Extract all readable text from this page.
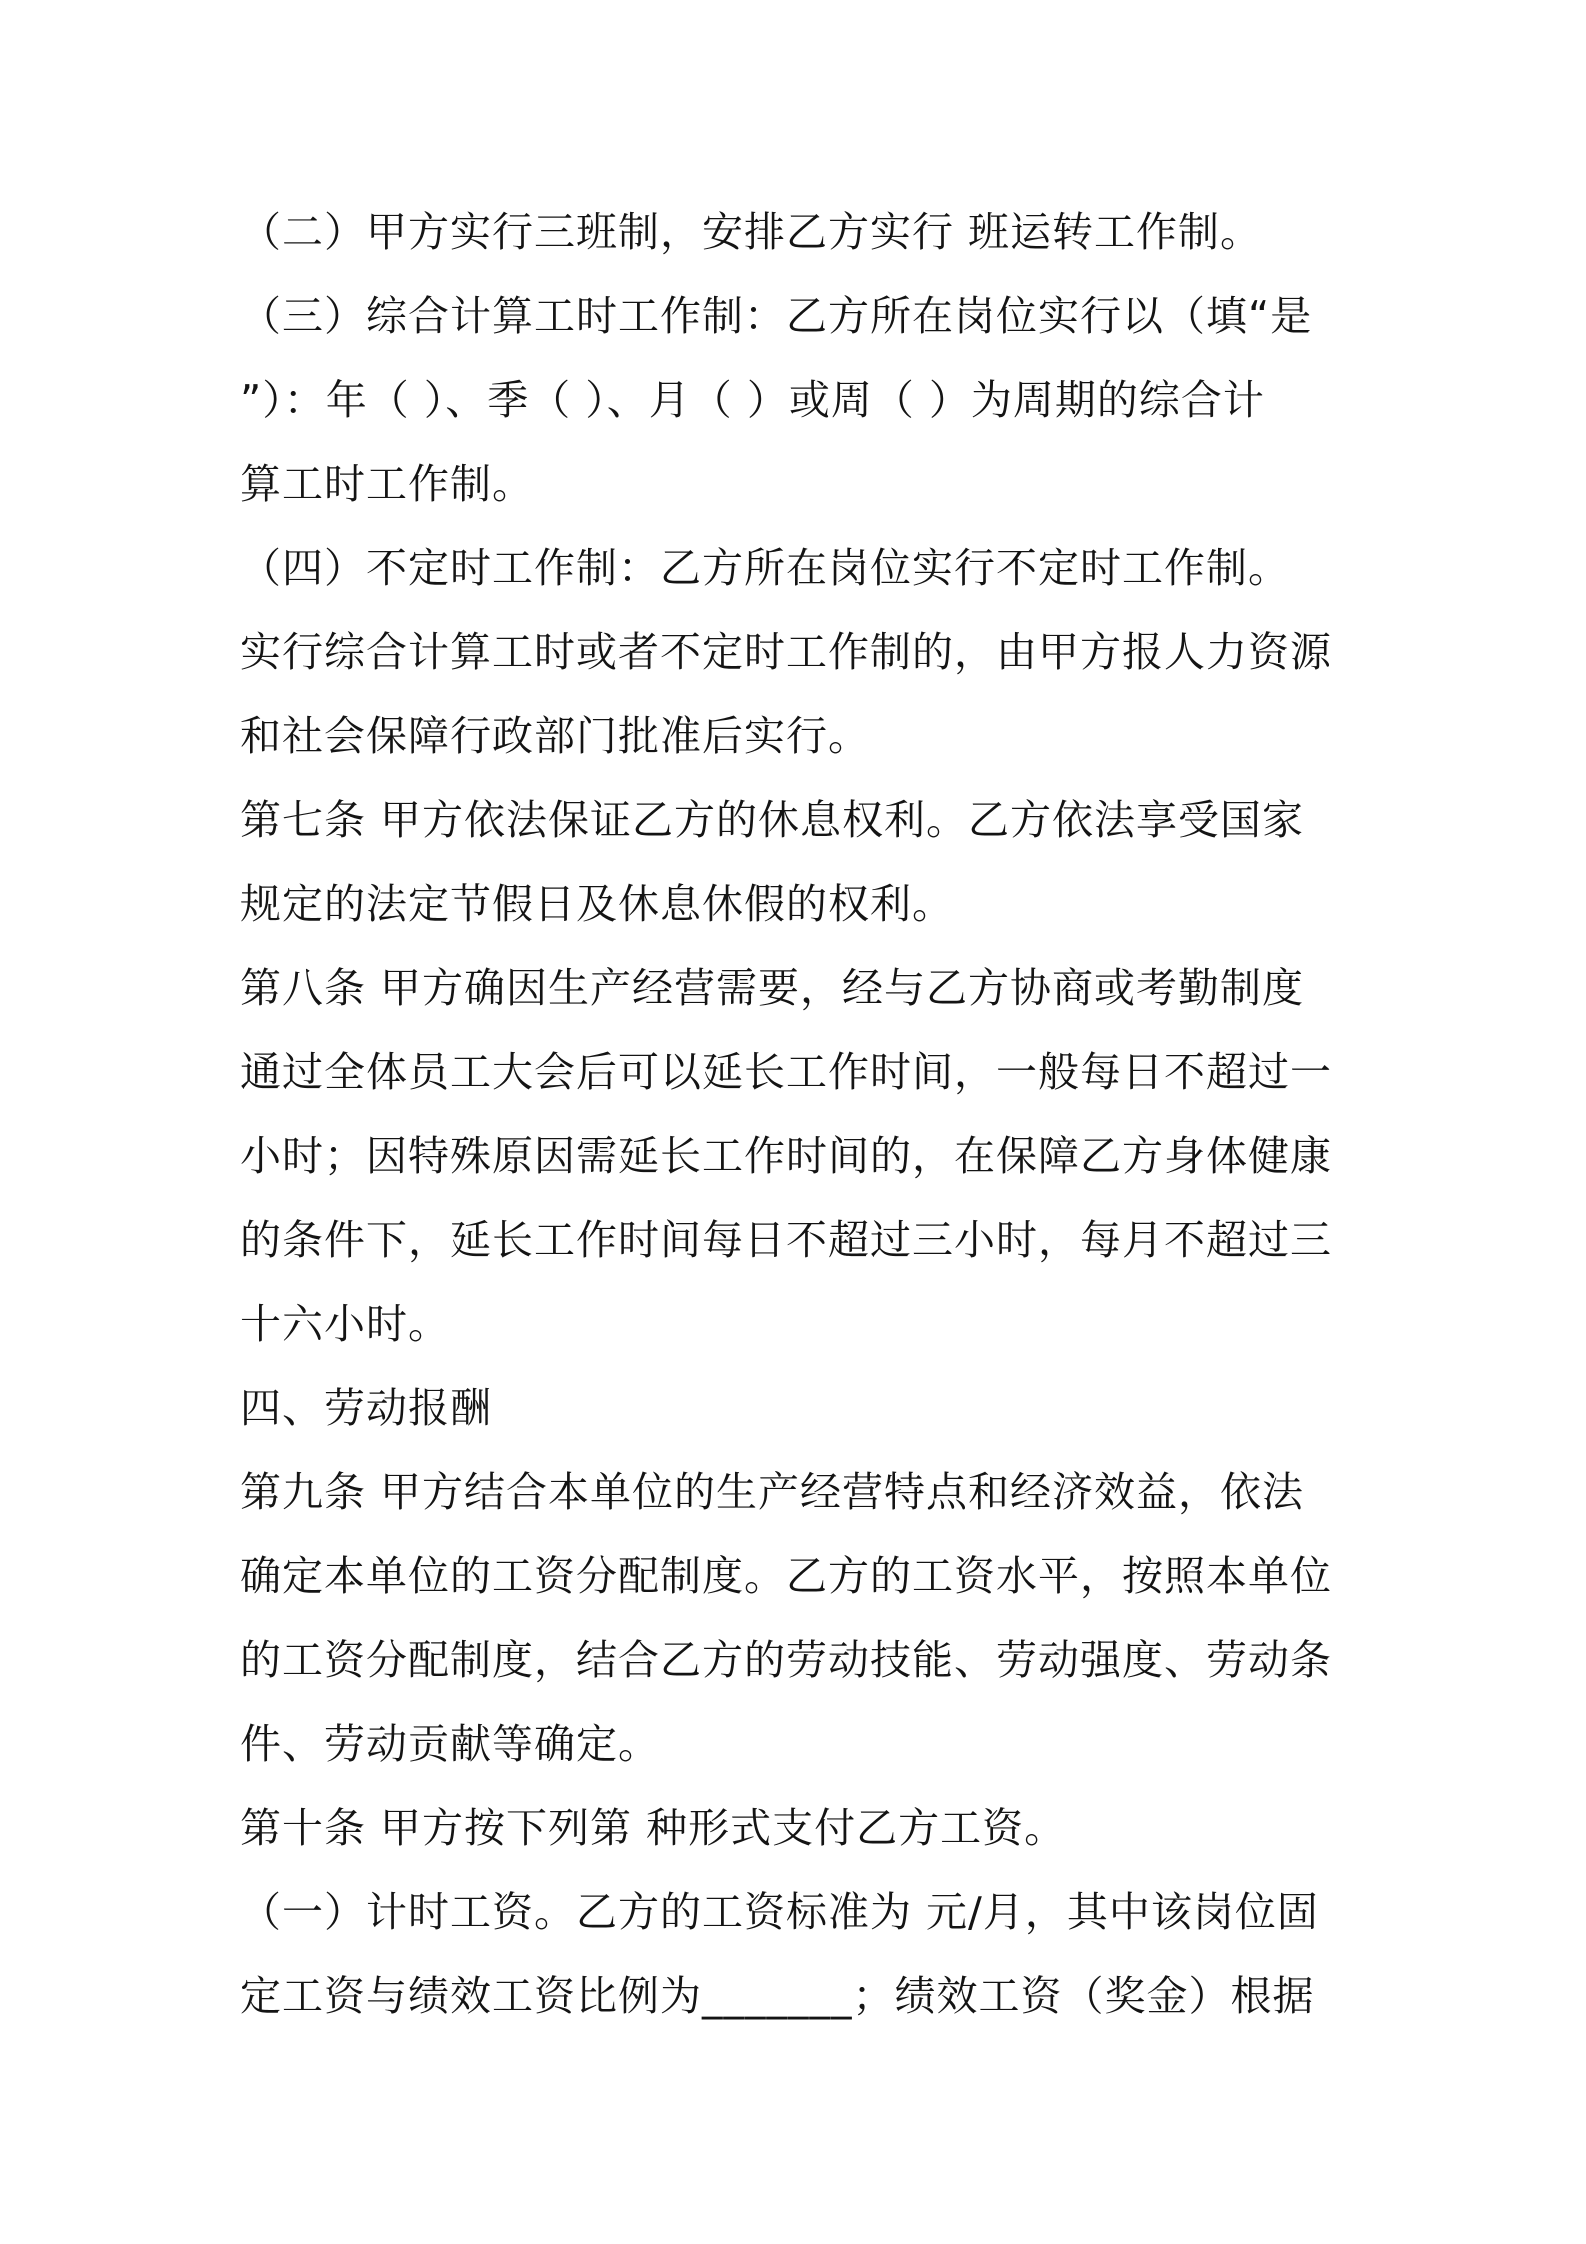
（二）甲方实行三班制，安排乙方实行 班运转工作制。
（三）综合计算工时工作制：乙方所在岗位实行以（填“是
”）：年（ ）、季（ ）、月（ ）或周（ ）为周期的综合计
算工时工作制。
（四）不定时工作制：乙方所在岗位实行不定时工作制。
实行综合计算工时或者不定时工作制的，由甲方报人力资源
和社会保障行政部门批准后实行。
第七条 甲方依法保证乙方的休息权利。乙方依法享受国家
规定的法定节假日及休息休假的权利。
第八条 甲方确因生产经营需要，经与乙方协商或考勤制度
通过全体员工大会后可以延长工作时间，一般每日不超过一
小时；因特殊原因需延长工作时间的，在保障乙方身体健康
的条件下，延长工作时间每日不超过三小时，每月不超过三
十六小时。
四、劳动报酬
第九条 甲方结合本单位的生产经营特点和经济效益，依法
确定本单位的工资分配制度。乙方的工资水平，按照本单位
的工资分配制度，结合乙方的劳动技能、劳动强度、劳动条
件、劳动贡献等确定。
第十条 甲方按下列第 种形式支付乙方工资。
（一）计时工资。乙方的工资标准为 元/月，其中该岗位固
定工资与绩效工资比例为_______；绩效工资（奖金）根据
